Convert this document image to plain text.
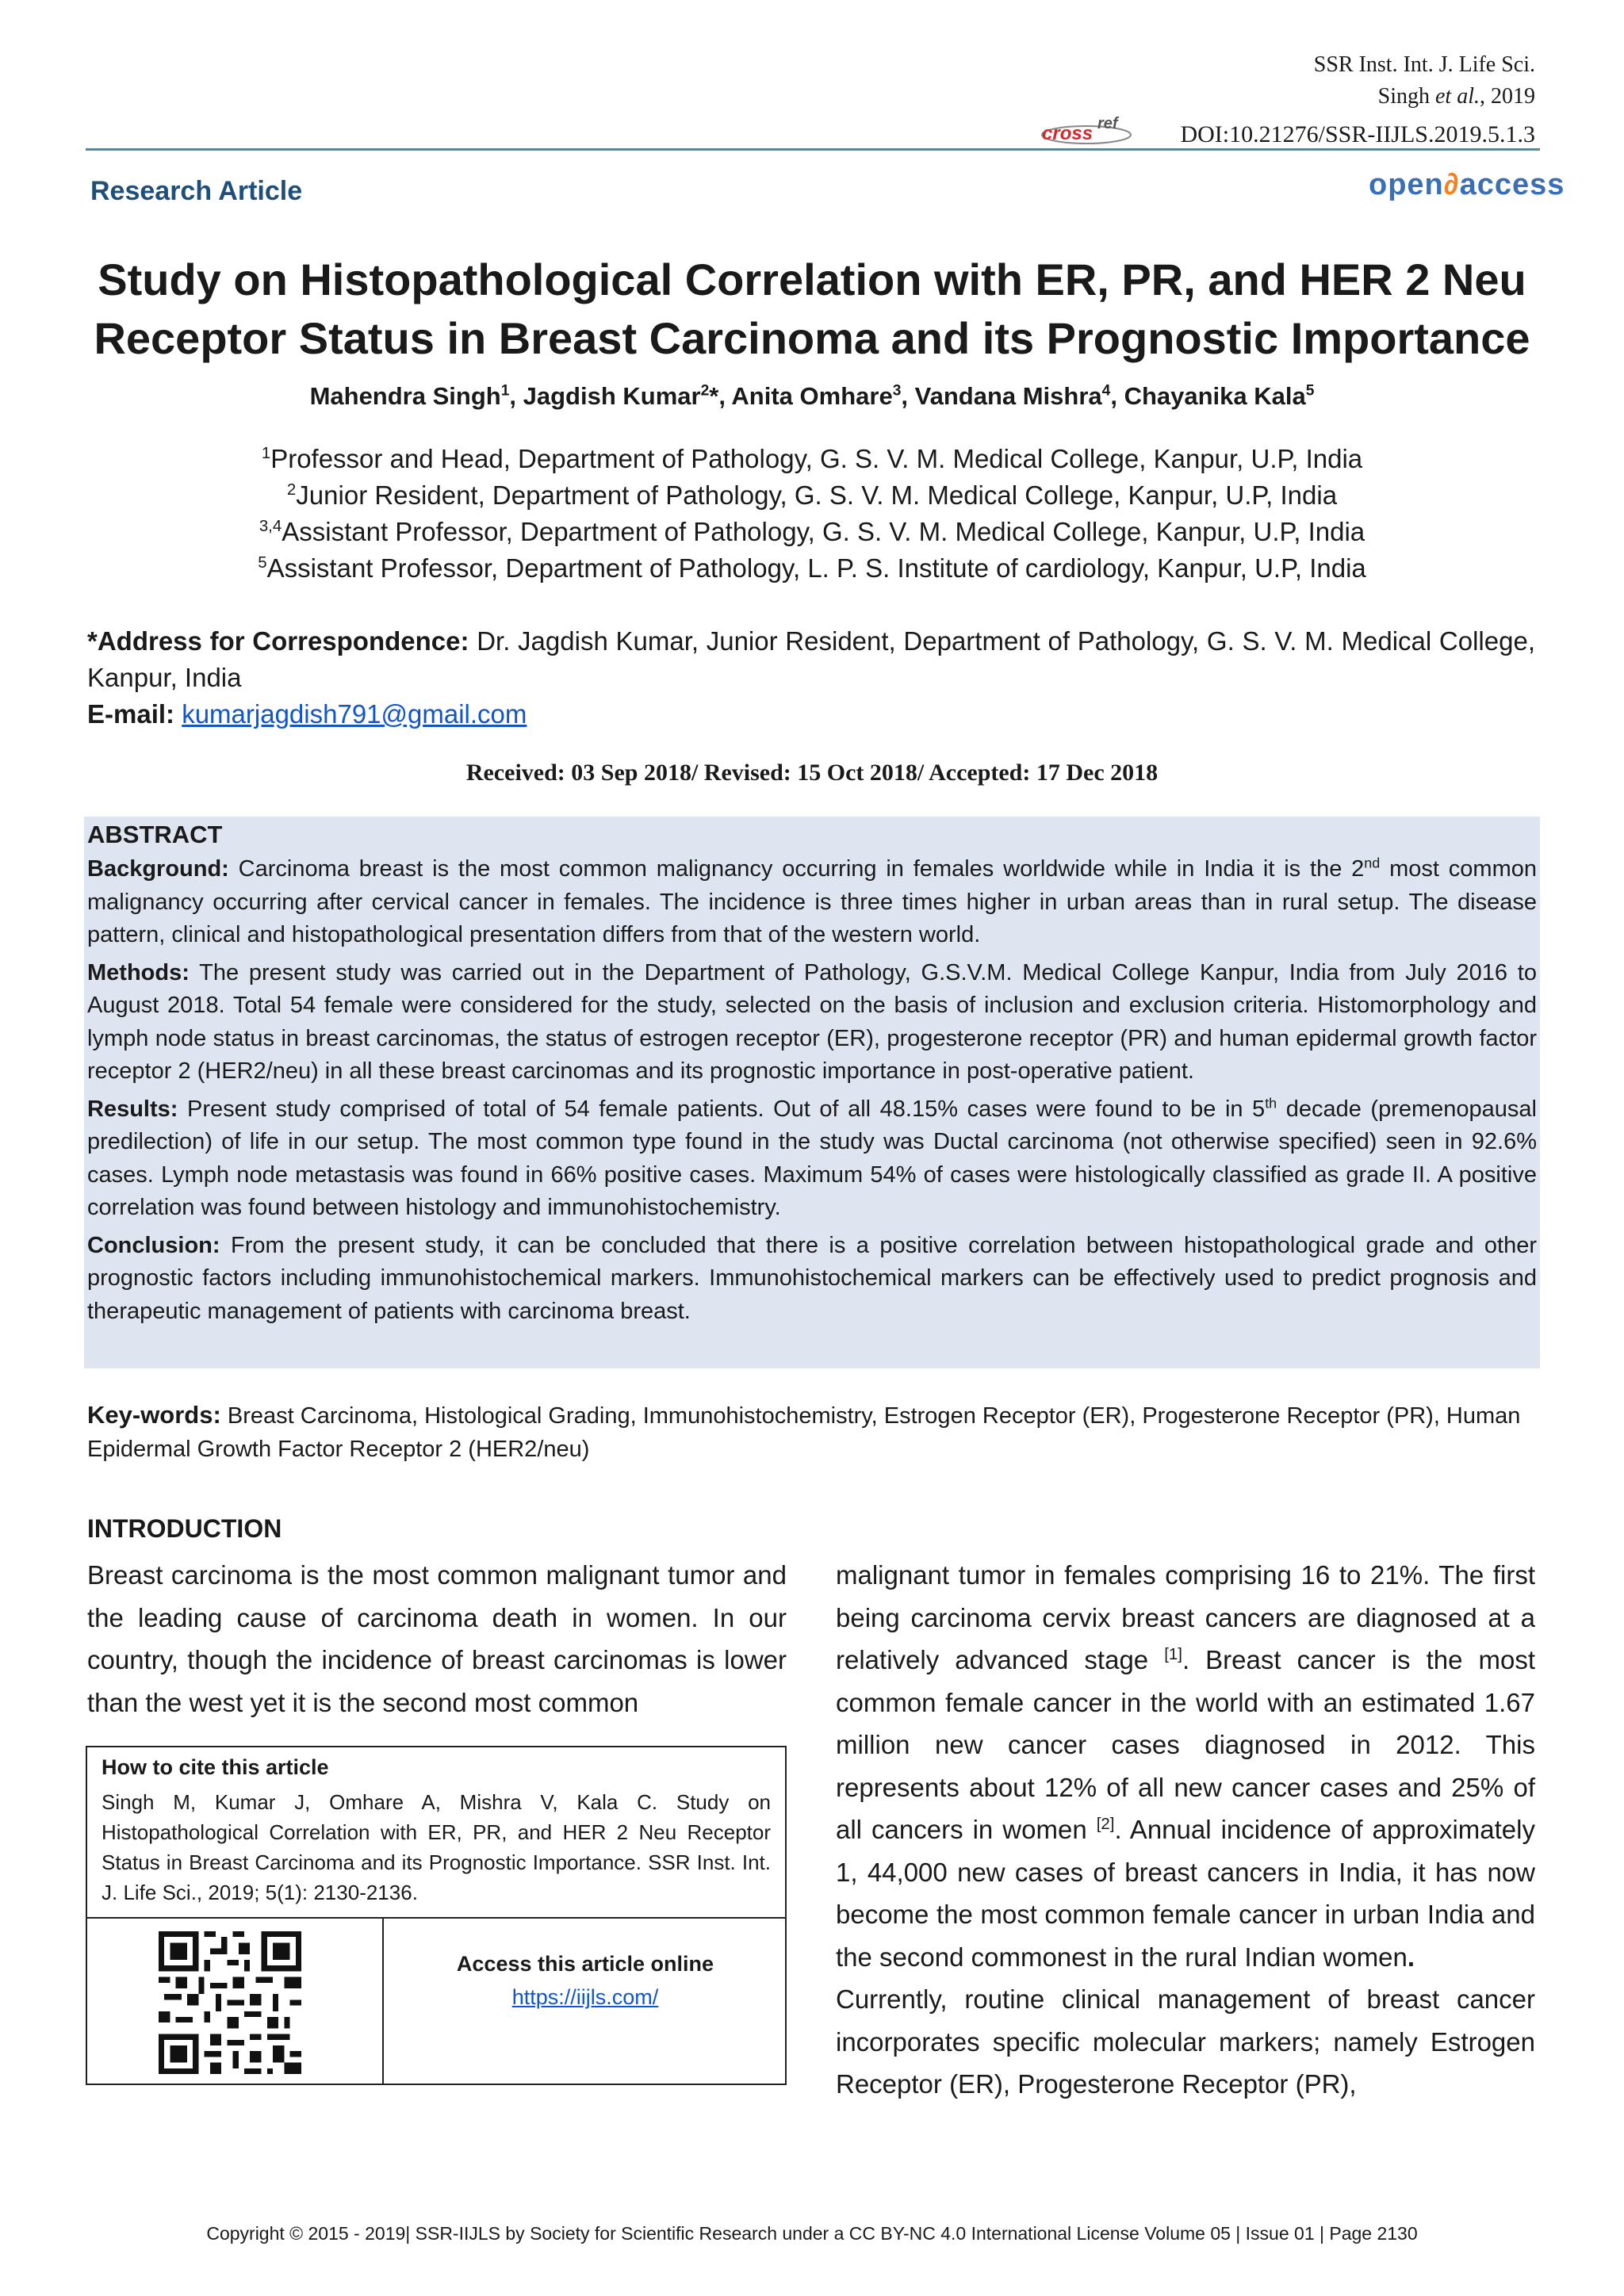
SSR Inst. Int. J. Life Sci.
Singh et al., 2019
cross ref	DOI:10.21276/SSR-IIJLS.2019.5.1.3
Research Article	open∂access
Study on Histopathological Correlation with ER, PR, and HER 2 Neu Receptor Status in Breast Carcinoma and its Prognostic Importance
Mahendra Singh$^1$, Jagdish Kumar$^2$*, Anita Omhare$^3$, Vandana Mishra$^4$, Chayanika Kala$^5$
$^1$Professor and Head, Department of Pathology, G. S. V. M. Medical College, Kanpur, U.P, India
$^2$Junior Resident, Department of Pathology, G. S. V. M. Medical College, Kanpur, U.P, India
$^{3,4}$Assistant Professor, Department of Pathology, G. S. V. M. Medical College, Kanpur, U.P, India
$^5$Assistant Professor, Department of Pathology, L. P. S. Institute of cardiology, Kanpur, U.P, India
*Address for Correspondence: Dr. Jagdish Kumar, Junior Resident, Department of Pathology, G. S. V. M. Medical College, Kanpur, India
E-mail: kumarjagdish791@gmail.com
Received: 03 Sep 2018/ Revised: 15 Oct 2018/ Accepted: 17 Dec 2018
ABSTRACT

Background: Carcinoma breast is the most common malignancy occurring in females worldwide while in India it is the 2nd most common malignancy occurring after cervical cancer in females. The incidence is three times higher in urban areas than in rural setup. The disease pattern, clinical and histopathological presentation differs from that of the western world.

Methods: The present study was carried out in the Department of Pathology, G.S.V.M. Medical College Kanpur, India from July 2016 to August 2018. Total 54 female were considered for the study, selected on the basis of inclusion and exclusion criteria. Histomorphology and lymph node status in breast carcinomas, the status of estrogen receptor (ER), progesterone receptor (PR) and human epidermal growth factor receptor 2 (HER2/neu) in all these breast carcinomas and its prognostic importance in post-operative patient.

Results: Present study comprised of total of 54 female patients. Out of all 48.15% cases were found to be in 5th decade (premenopausal predilection) of life in our setup. The most common type found in the study was Ductal carcinoma (not otherwise specified) seen in 92.6% cases. Lymph node metastasis was found in 66% positive cases. Maximum 54% of cases were histologically classified as grade II. A positive correlation was found between histology and immunohistochemistry.

Conclusion: From the present study, it can be concluded that there is a positive correlation between histopathological grade and other prognostic factors including immunohistochemical markers. Immunohistochemical markers can be effectively used to predict prognosis and therapeutic management of patients with carcinoma breast.

Key-words: Breast Carcinoma, Histological Grading, Immunohistochemistry, Estrogen Receptor (ER), Progesterone Receptor (PR), Human Epidermal Growth Factor Receptor 2 (HER2/neu)
INTRODUCTION

Breast carcinoma is the most common malignant tumor and the leading cause of carcinoma death in women. In our country, though the incidence of breast carcinomas is lower than the west yet it is the second most common

malignant tumor in females comprising 16 to 21%. The first being carcinoma cervix breast cancers are diagnosed at a relatively advanced stage [1]. Breast cancer is the most common female cancer in the world with an estimated 1.67 million new cancer cases diagnosed in 2012. This represents about 12% of all new cancer cases and 25% of all cancers in women [2]. Annual incidence of approximately 1, 44,000 new cases of breast cancers in India, it has now become the most common female cancer in urban India and the second commonest in the rural Indian women.

Currently, routine clinical management of breast cancer incorporates specific molecular markers; namely Estrogen Receptor (ER), Progesterone Receptor (PR),

How to cite this article
Singh M, Kumar J, Omhare A, Mishra V, Kala C. Study on Histopathological Correlation with ER, PR, and HER 2 Neu Receptor Status in Breast Carcinoma and its Prognostic Importance. SSR Inst. Int. J. Life Sci., 2019; 5(1): 2130-2136.
Access this article online
https://iijls.com/
Copyright © 2015 - 2019| SSR-IIJLS by Society for Scientific Research under a CC BY-NC 4.0 International License Volume 05 | Issue 01 | Page 2130
